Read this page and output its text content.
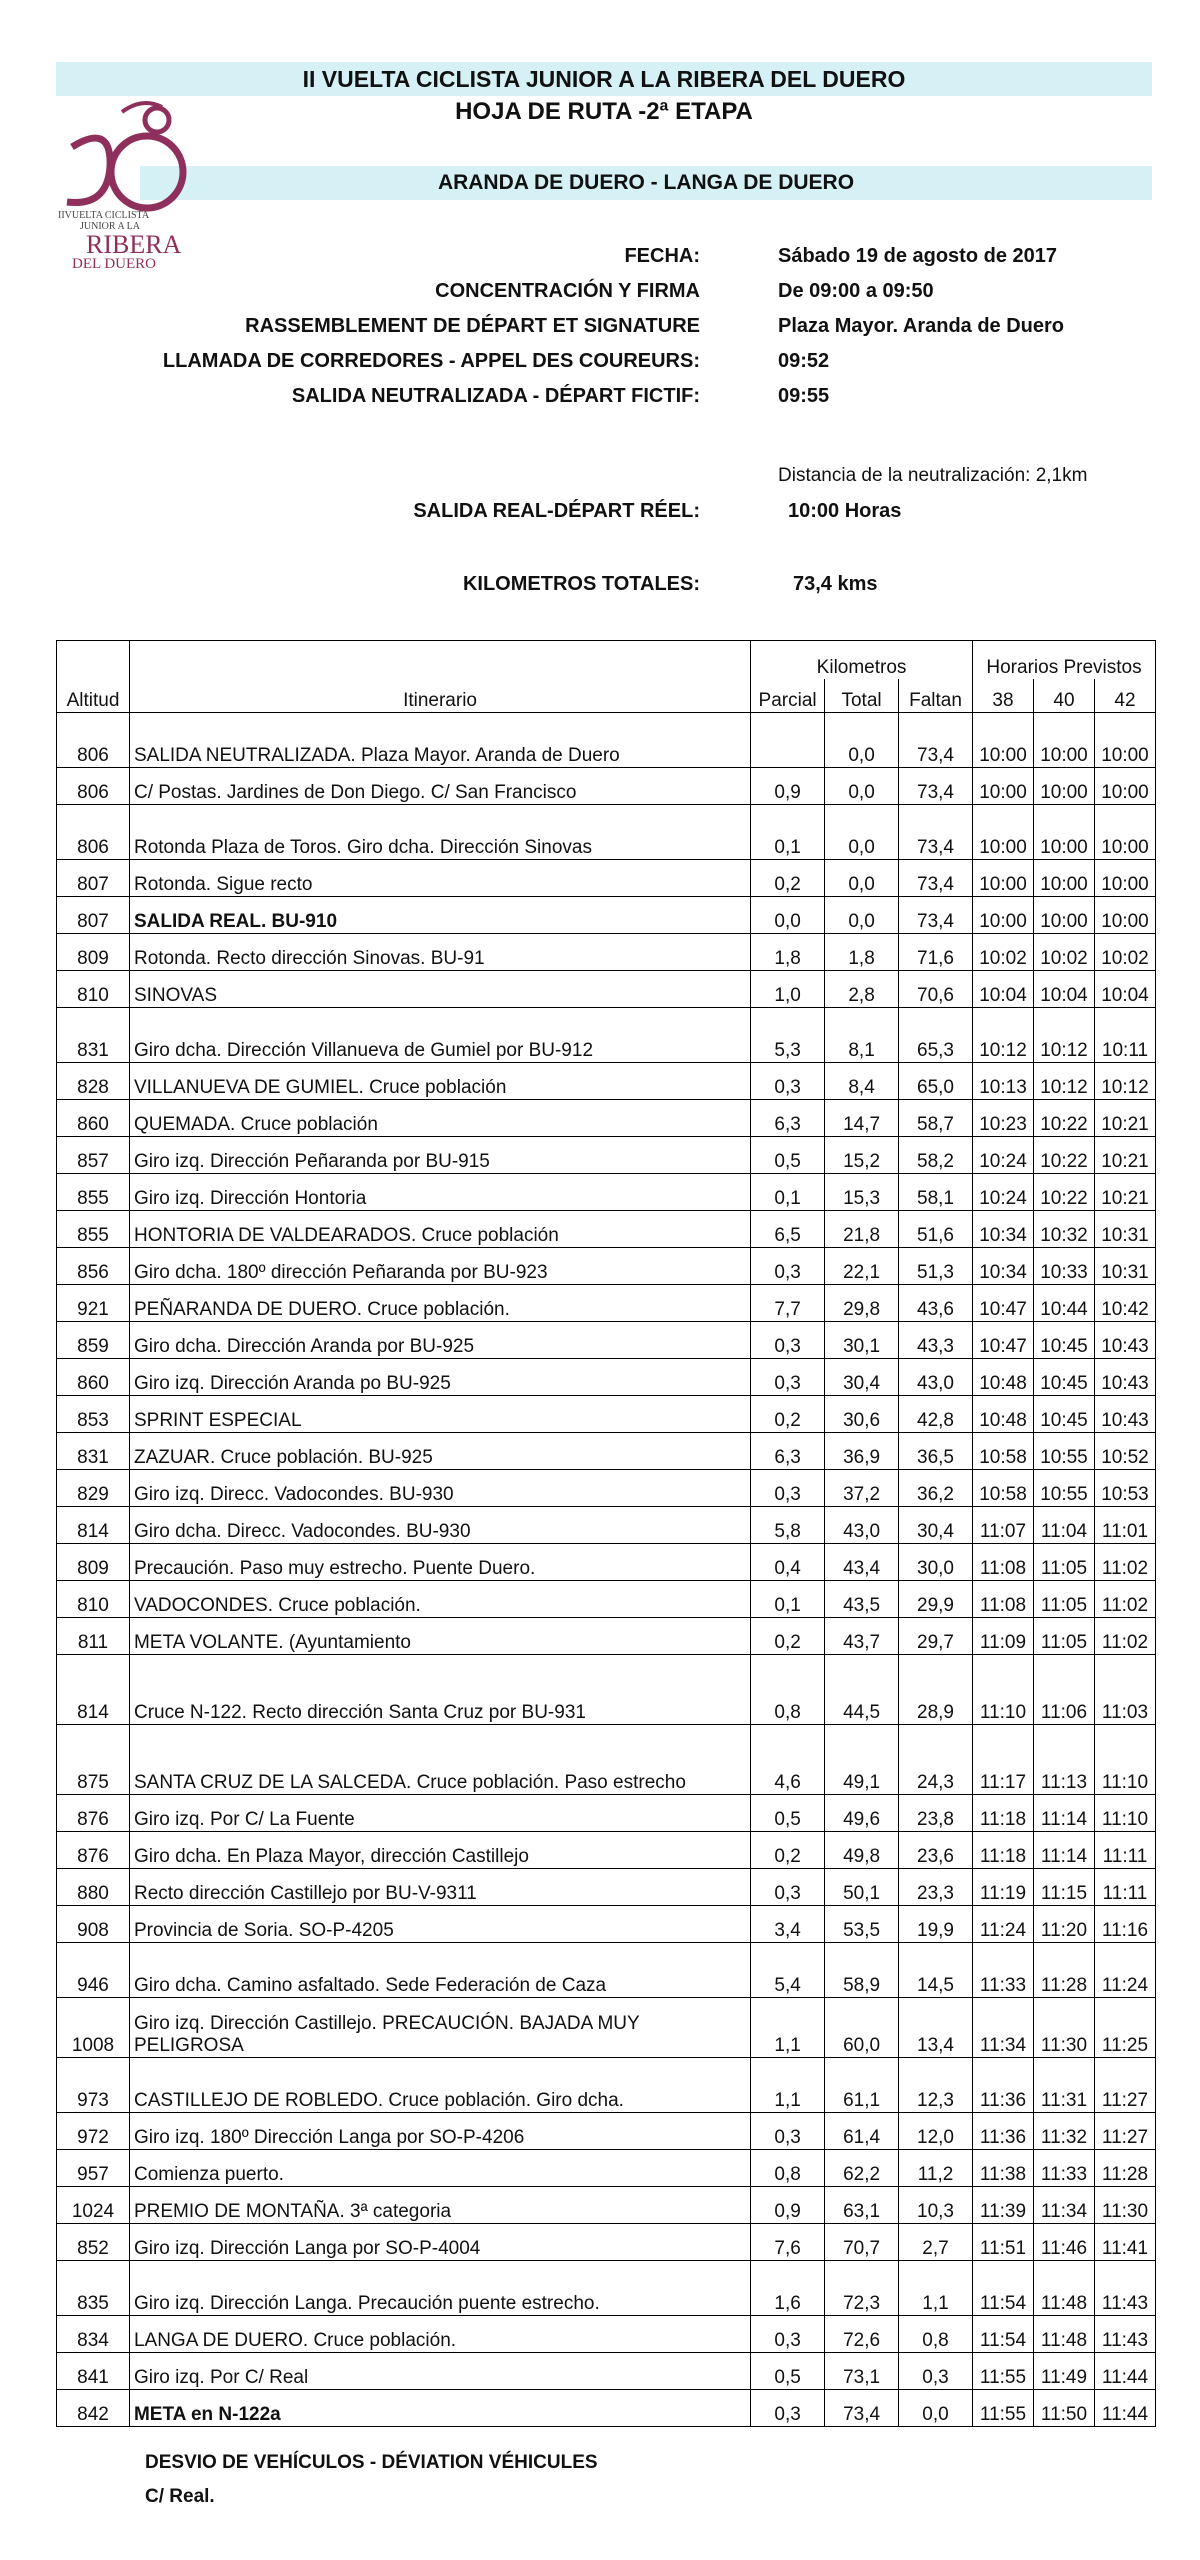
II VUELTA CICLISTA JUNIOR A LA RIBERA DEL DUERO
HOJA DE RUTA -2ª ETAPA
ARANDA DE DUERO - LANGA DE DUERO
IIVUELTA CICLISTA
JUNIOR A LA
RIBERA
DEL DUERO	FECHA:	Sábado 19 de agosto de 2017
CONCENTRACIÓN Y FIRMA	De 09:00 a 09:50
RASSEMBLEMENT DE DÉPART ET SIGNATURE	Plaza Mayor. Aranda de Duero
LLAMADA DE CORREDORES - APPEL DES COUREURS:	09:52
SALIDA NEUTRALIZADA - DÉPART FICTIF:	09:55
Distancia de la neutralización: 2,1km
SALIDA REAL-DÉPART RÉEL:	10:00 Horas
KILOMETROS TOTALES:	73,4 kms
		Kilometros			Horarios Previstos		
Altitud	Itinerario	Parcial	Total	Faltan	38	40	42
806	SALIDA NEUTRALIZADA. Plaza Mayor. Aranda de Duero		0,0	73,4	10:00	10:00	10:00
806	C/ Postas. Jardines de Don Diego. C/ San Francisco	0,9	0,0	73,4	10:00	10:00	10:00
806	Rotonda Plaza de Toros. Giro dcha. Dirección Sinovas	0,1	0,0	73,4	10:00	10:00	10:00
807	Rotonda. Sigue recto	0,2	0,0	73,4	10:00	10:00	10:00
807	SALIDA REAL. BU-910	0,0	0,0	73,4	10:00	10:00	10:00
809	Rotonda. Recto dirección Sinovas. BU-91	1,8	1,8	71,6	10:02	10:02	10:02
810	SINOVAS	1,0	2,8	70,6	10:04	10:04	10:04
831	Giro dcha. Dirección Villanueva de Gumiel por BU-912	5,3	8,1	65,3	10:12	10:12	10:11
828	VILLANUEVA DE GUMIEL. Cruce población	0,3	8,4	65,0	10:13	10:12	10:12
860	QUEMADA. Cruce población	6,3	14,7	58,7	10:23	10:22	10:21
857	Giro izq. Dirección Peñaranda por BU-915	0,5	15,2	58,2	10:24	10:22	10:21
855	Giro izq. Dirección Hontoria	0,1	15,3	58,1	10:24	10:22	10:21
855	HONTORIA DE VALDEARADOS. Cruce población	6,5	21,8	51,6	10:34	10:32	10:31
856	Giro dcha. 180º dirección Peñaranda por BU-923	0,3	22,1	51,3	10:34	10:33	10:31
921	PEÑARANDA DE DUERO. Cruce población.	7,7	29,8	43,6	10:47	10:44	10:42
859	Giro dcha. Dirección Aranda por BU-925	0,3	30,1	43,3	10:47	10:45	10:43
860	Giro izq. Dirección Aranda po BU-925	0,3	30,4	43,0	10:48	10:45	10:43
853	SPRINT ESPECIAL	0,2	30,6	42,8	10:48	10:45	10:43
831	ZAZUAR. Cruce población. BU-925	6,3	36,9	36,5	10:58	10:55	10:52
829	Giro izq. Direcc. Vadocondes. BU-930	0,3	37,2	36,2	10:58	10:55	10:53
814	Giro dcha. Direcc. Vadocondes. BU-930	5,8	43,0	30,4	11:07	11:04	11:01
809	Precaución. Paso muy estrecho. Puente Duero.	0,4	43,4	30,0	11:08	11:05	11:02
810	VADOCONDES. Cruce población.	0,1	43,5	29,9	11:08	11:05	11:02
811	META VOLANTE. (Ayuntamiento	0,2	43,7	29,7	11:09	11:05	11:02
814	Cruce N-122. Recto dirección Santa Cruz por BU-931	0,8	44,5	28,9	11:10	11:06	11:03
875	SANTA CRUZ DE LA SALCEDA. Cruce población. Paso estrecho	4,6	49,1	24,3	11:17	11:13	11:10
876	Giro izq. Por C/ La Fuente	0,5	49,6	23,8	11:18	11:14	11:10
876	Giro dcha. En Plaza Mayor, dirección Castillejo	0,2	49,8	23,6	11:18	11:14	11:11
880	Recto dirección Castillejo por BU-V-9311	0,3	50,1	23,3	11:19	11:15	11:11
908	Provincia de Soria. SO-P-4205	3,4	53,5	19,9	11:24	11:20	11:16
946	Giro dcha. Camino asfaltado. Sede Federación de Caza	5,4	58,9	14,5	11:33	11:28	11:24
1008	Giro izq. Dirección Castillejo. PRECAUCIÓN. BAJADA MUY PELIGROSA	1,1	60,0	13,4	11:34	11:30	11:25
973	CASTILLEJO DE ROBLEDO. Cruce población. Giro dcha.	1,1	61,1	12,3	11:36	11:31	11:27
972	Giro izq. 180º Dirección Langa por SO-P-4206	0,3	61,4	12,0	11:36	11:32	11:27
957	Comienza puerto.	0,8	62,2	11,2	11:38	11:33	11:28
1024	PREMIO DE MONTAÑA. 3ª categoria	0,9	63,1	10,3	11:39	11:34	11:30
852	Giro izq. Dirección Langa por SO-P-4004	7,6	70,7	2,7	11:51	11:46	11:41
835	Giro izq. Dirección Langa. Precaución puente estrecho.	1,6	72,3	1,1	11:54	11:48	11:43
834	LANGA DE DUERO. Cruce población.	0,3	72,6	0,8	11:54	11:48	11:43
841	Giro izq. Por C/ Real	0,5	73,1	0,3	11:55	11:49	11:44
842	META en N-122a	0,3	73,4	0,0	11:55	11:50	11:44
DESVIO DE VEHÍCULOS - DÉVIATION VÉHICULES
C/ Real.
